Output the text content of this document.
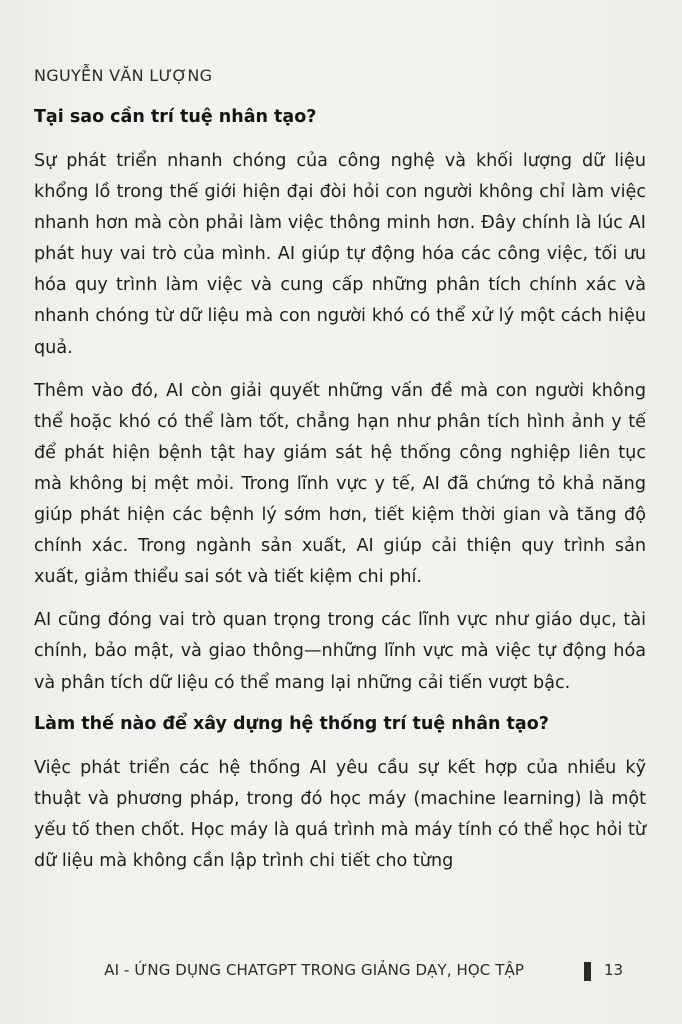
NGUYỄN VĂN LƯỢNG
Tại sao cần trí tuệ nhân tạo?

Sự phát triển nhanh chóng của công nghệ và khối lượng dữ liệu khổng lồ trong thế giới hiện đại đòi hỏi con người không chỉ làm việc nhanh hơn mà còn phải làm việc thông minh hơn. Đây chính là lúc AI phát huy vai trò của mình. AI giúp tự động hóa các công việc, tối ưu hóa quy trình làm việc và cung cấp những phân tích chính xác và nhanh chóng từ dữ liệu mà con người khó có thể xử lý một cách hiệu quả.

Thêm vào đó, AI còn giải quyết những vấn đề mà con người không thể hoặc khó có thể làm tốt, chẳng hạn như phân tích hình ảnh y tế để phát hiện bệnh tật hay giám sát hệ thống công nghiệp liên tục mà không bị mệt mỏi. Trong lĩnh vực y tế, AI đã chứng tỏ khả năng giúp phát hiện các bệnh lý sớm hơn, tiết kiệm thời gian và tăng độ chính xác. Trong ngành sản xuất, AI giúp cải thiện quy trình sản xuất, giảm thiểu sai sót và tiết kiệm chi phí.

AI cũng đóng vai trò quan trọng trong các lĩnh vực như giáo dục, tài chính, bảo mật, và giao thông—những lĩnh vực mà việc tự động hóa và phân tích dữ liệu có thể mang lại những cải tiến vượt bậc.

Làm thế nào để xây dựng hệ thống trí tuệ nhân tạo?

Việc phát triển các hệ thống AI yêu cầu sự kết hợp của nhiều kỹ thuật và phương pháp, trong đó học máy (machine learning) là một yếu tố then chốt. Học máy là quá trình mà máy tính có thể học hỏi từ dữ liệu mà không cần lập trình chi tiết cho từng

AI - ỨNG DỤNG CHATGPT TRONG GIẢNG DẠY, HỌC TẬP	13
